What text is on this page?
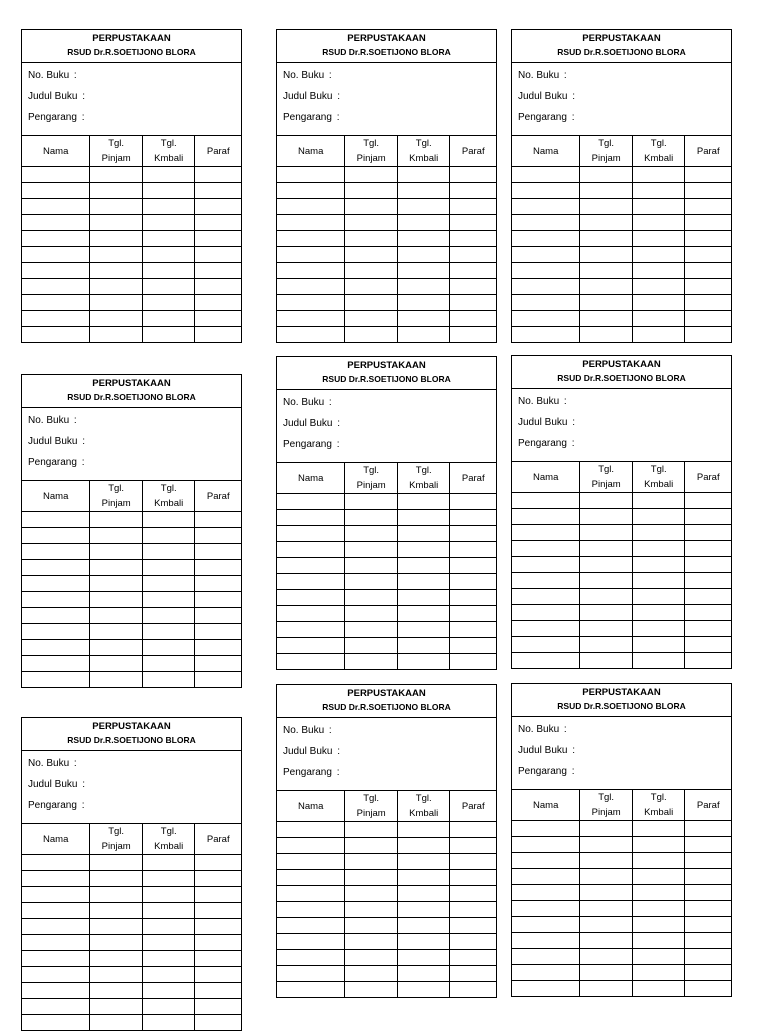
PERPUSTAKAAN
RSUD Dr.R.SOETIJONO BLORA
No. Buku :
Judul Buku :
Pengarang :
Nama	Tgl. Pinjam	Tgl. Kmbali	Paraf

PERPUSTAKAAN
RSUD Dr.R.SOETIJONO BLORA
No. Buku :
Judul Buku :
Pengarang :
Nama	Tgl. Pinjam	Tgl. Kmbali	Paraf

PERPUSTAKAAN
RSUD Dr.R.SOETIJONO BLORA
No. Buku :
Judul Buku :
Pengarang :
Nama	Tgl. Pinjam	Tgl. Kmbali	Paraf

PERPUSTAKAAN
RSUD Dr.R.SOETIJONO BLORA
No. Buku :
Judul Buku :
Pengarang :
Nama	Tgl. Pinjam	Tgl. Kmbali	Paraf

PERPUSTAKAAN
RSUD Dr.R.SOETIJONO BLORA
No. Buku :
Judul Buku :
Pengarang :
Nama	Tgl. Pinjam	Tgl. Kmbali	Paraf

PERPUSTAKAAN
RSUD Dr.R.SOETIJONO BLORA
No. Buku :
Judul Buku :
Pengarang :
Nama	Tgl. Pinjam	Tgl. Kmbali	Paraf

PERPUSTAKAAN
RSUD Dr.R.SOETIJONO BLORA
No. Buku :
Judul Buku :
Pengarang :
Nama	Tgl. Pinjam	Tgl. Kmbali	Paraf

PERPUSTAKAAN
RSUD Dr.R.SOETIJONO BLORA
No. Buku :
Judul Buku :
Pengarang :
Nama	Tgl. Pinjam	Tgl. Kmbali	Paraf

PERPUSTAKAAN
RSUD Dr.R.SOETIJONO BLORA
No. Buku :
Judul Buku :
Pengarang :
Nama	Tgl. Pinjam	Tgl. Kmbali	Paraf
